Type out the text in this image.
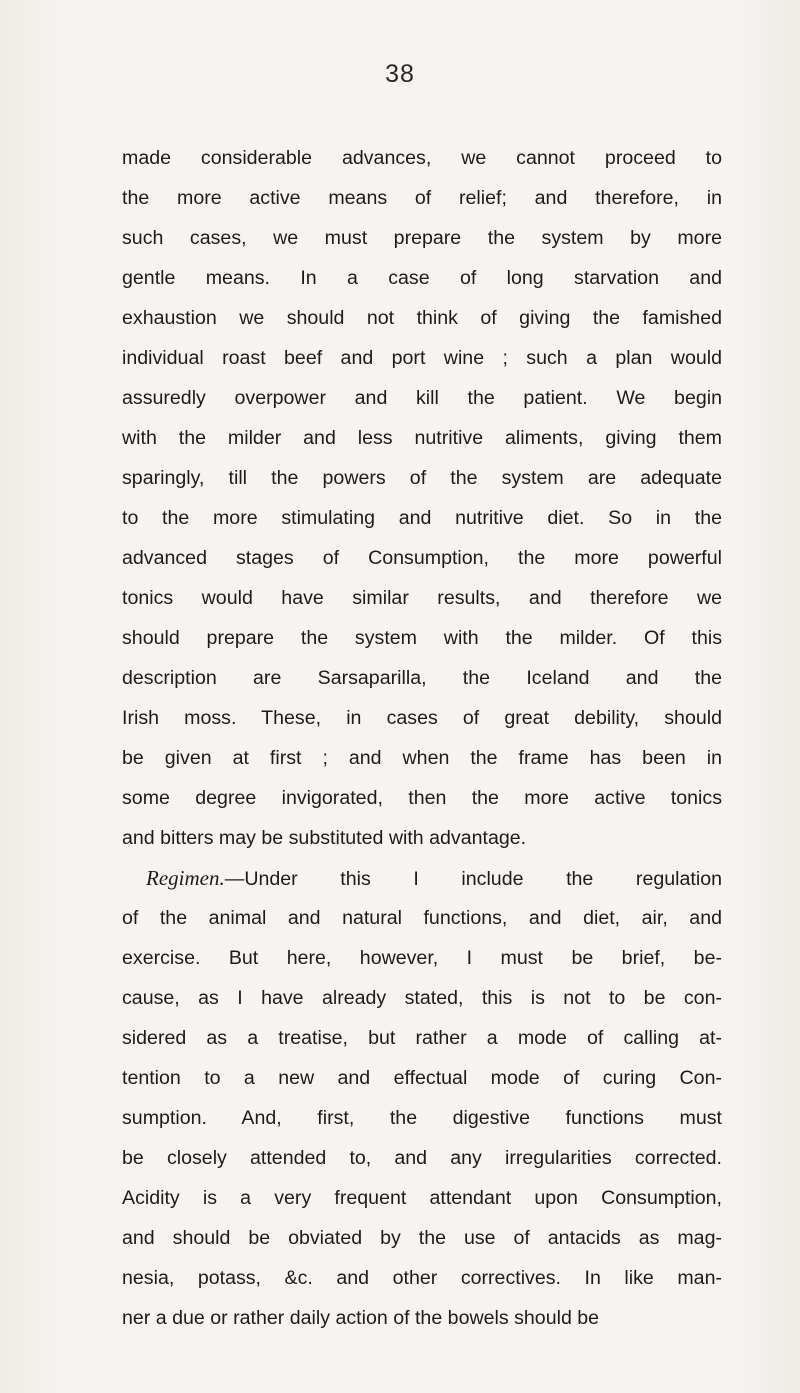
38
made considerable advances, we cannot proceed to
the more active means of relief; and therefore, in
such cases, we must prepare the system by more
gentle means. In a case of long starvation and
exhaustion we should not think of giving the famished
individual roast beef and port wine ; such a plan would
assuredly overpower and kill the patient. We begin
with the milder and less nutritive aliments, giving them
sparingly, till the powers of the system are adequate
to the more stimulating and nutritive diet. So in the
advanced stages of Consumption, the more powerful
tonics would have similar results, and therefore we
should prepare the system with the milder. Of this
description are Sarsaparilla, the Iceland and the
Irish moss. These, in cases of great debility, should
be given at first ; and when the frame has been in
some degree invigorated, then the more active tonics
and bitters may be substituted with advantage.
Regimen.—Under this I include the regulation
of the animal and natural functions, and diet, air, and
exercise. But here, however, I must be brief, be-
cause, as I have already stated, this is not to be con-
sidered as a treatise, but rather a mode of calling at-
tention to a new and effectual mode of curing Con-
sumption. And, first, the digestive functions must
be closely attended to, and any irregularities corrected.
Acidity is a very frequent attendant upon Consumption,
and should be obviated by the use of antacids as mag-
nesia, potass, &c. and other correctives. In like man-
ner a due or rather daily action of the bowels should be
